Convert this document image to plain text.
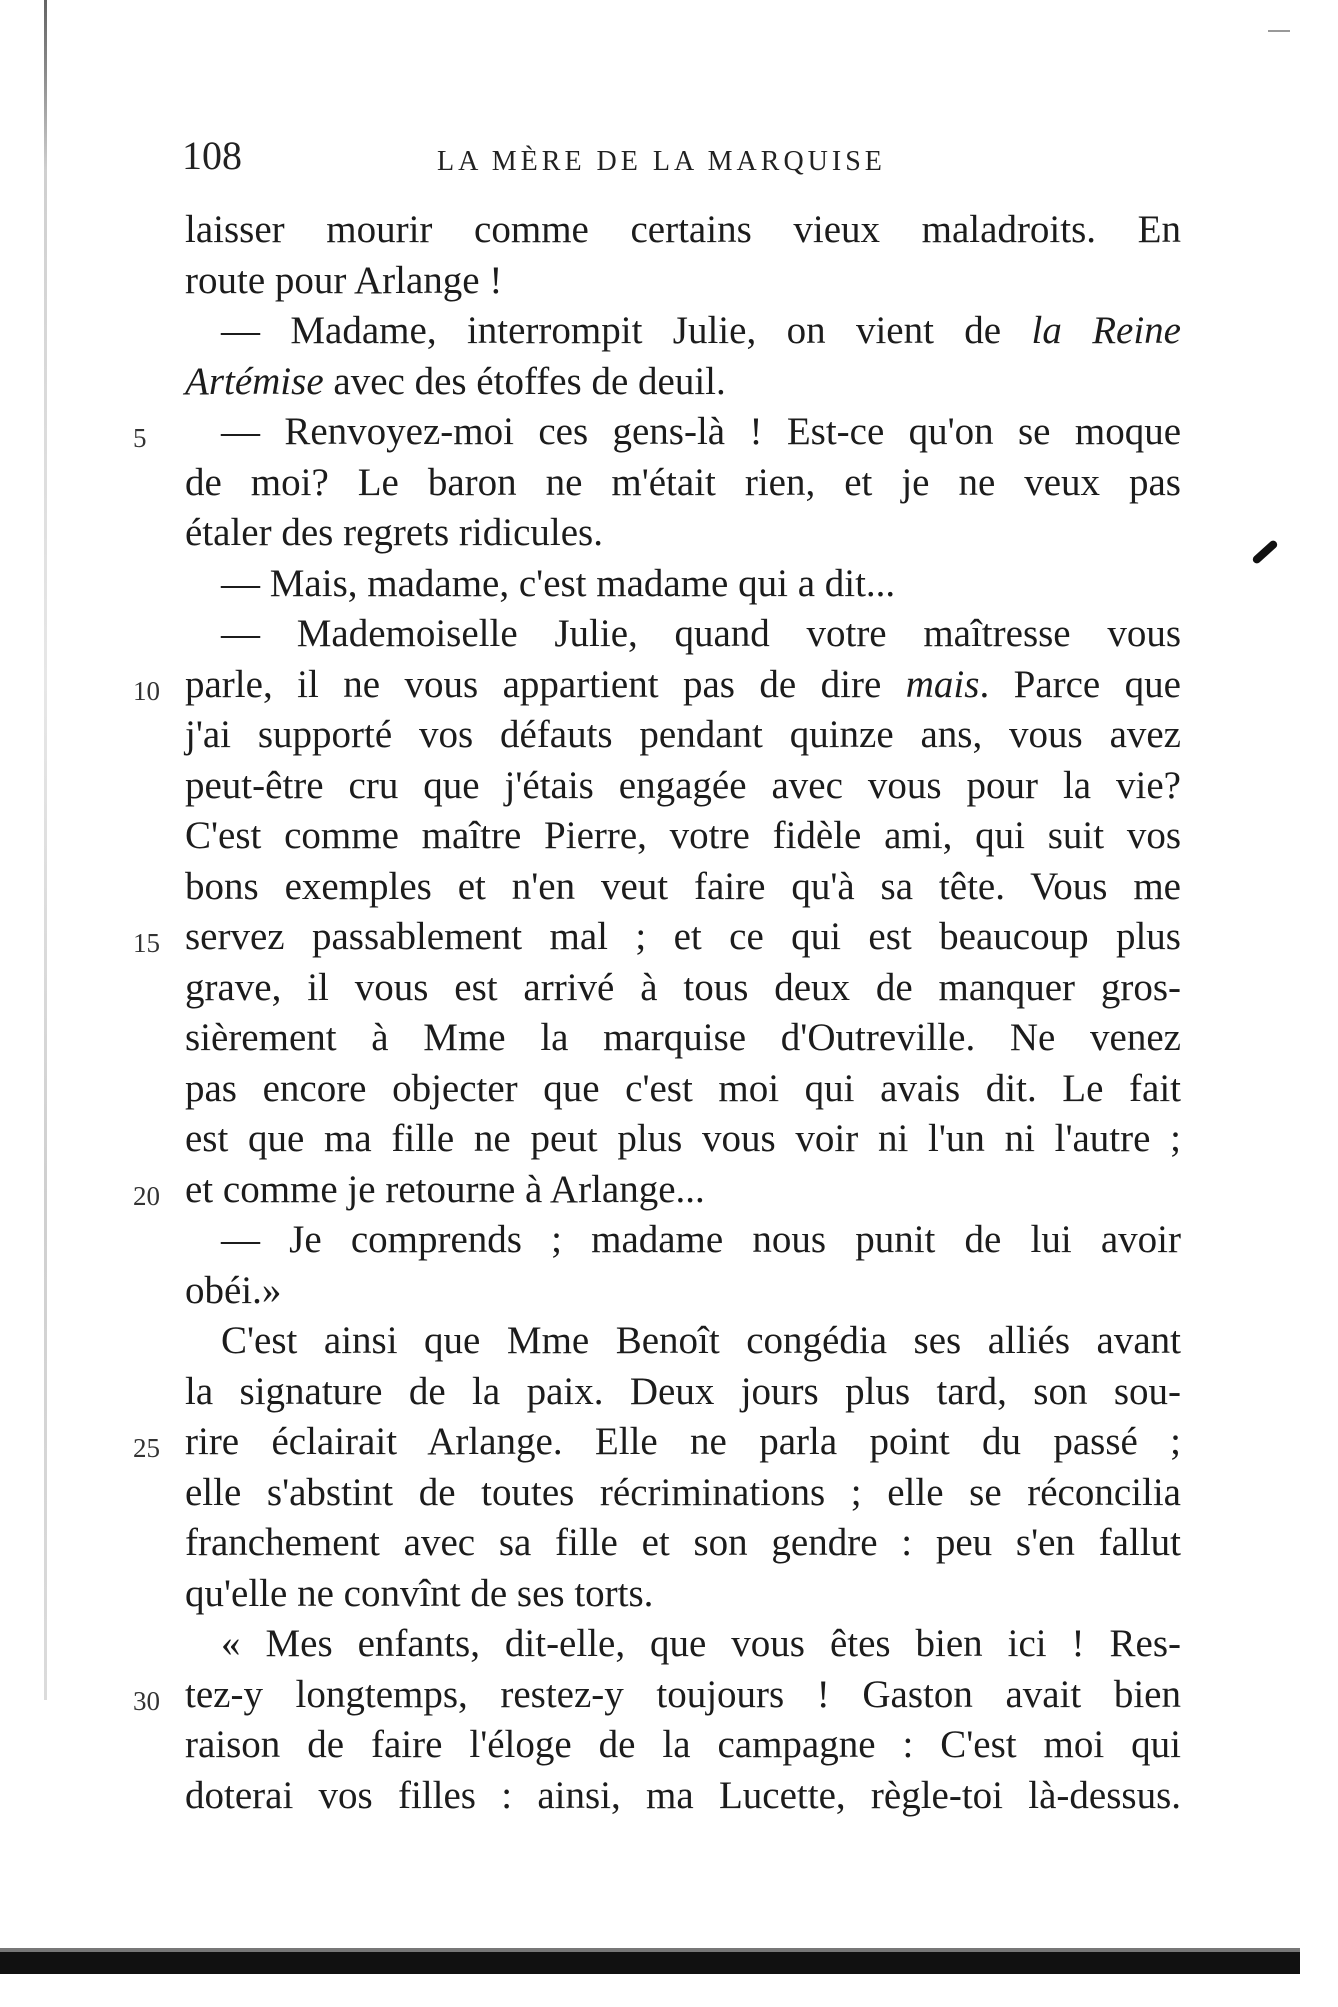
108	LA MÈRE DE LA MARQUISE
laisser mourir comme certains vieux maladroits. En
route pour Arlange !
— Madame, interrompit Julie, on vient de la Reine
Artémise avec des étoffes de deuil.
5	— Renvoyez-moi ces gens-là ! Est-ce qu'on se moque
de moi? Le baron ne m'était rien, et je ne veux pas
étaler des regrets ridicules.
— Mais, madame, c'est madame qui a dit...
— Mademoiselle Julie, quand votre maîtresse vous
10 parle, il ne vous appartient pas de dire mais. Parce que
j'ai supporté vos défauts pendant quinze ans, vous avez
peut-être cru que j'étais engagée avec vous pour la vie?
C'est comme maître Pierre, votre fidèle ami, qui suit vos
bons exemples et n'en veut faire qu'à sa tête. Vous me
15 servez passablement mal ; et ce qui est beaucoup plus
grave, il vous est arrivé à tous deux de manquer gros-
sièrement à Mme la marquise d'Outreville. Ne venez
pas encore objecter que c'est moi qui avais dit. Le fait
est que ma fille ne peut plus vous voir ni l'un ni l'autre ;
20 et comme je retourne à Arlange...
— Je comprends ; madame nous punit de lui avoir
obéi.»
C'est ainsi que Mme Benoît congédia ses alliés avant
la signature de la paix. Deux jours plus tard, son sou-
25 rire éclairait Arlange. Elle ne parla point du passé ;
elle s'abstint de toutes récriminations ; elle se réconcilia
franchement avec sa fille et son gendre : peu s'en fallut
qu'elle ne convînt de ses torts.
« Mes enfants, dit-elle, que vous êtes bien ici ! Res-
30 tez-y longtemps, restez-y toujours ! Gaston avait bien
raison de faire l'éloge de la campagne : C'est moi qui
doterai vos filles : ainsi, ma Lucette, règle-toi là-dessus.
